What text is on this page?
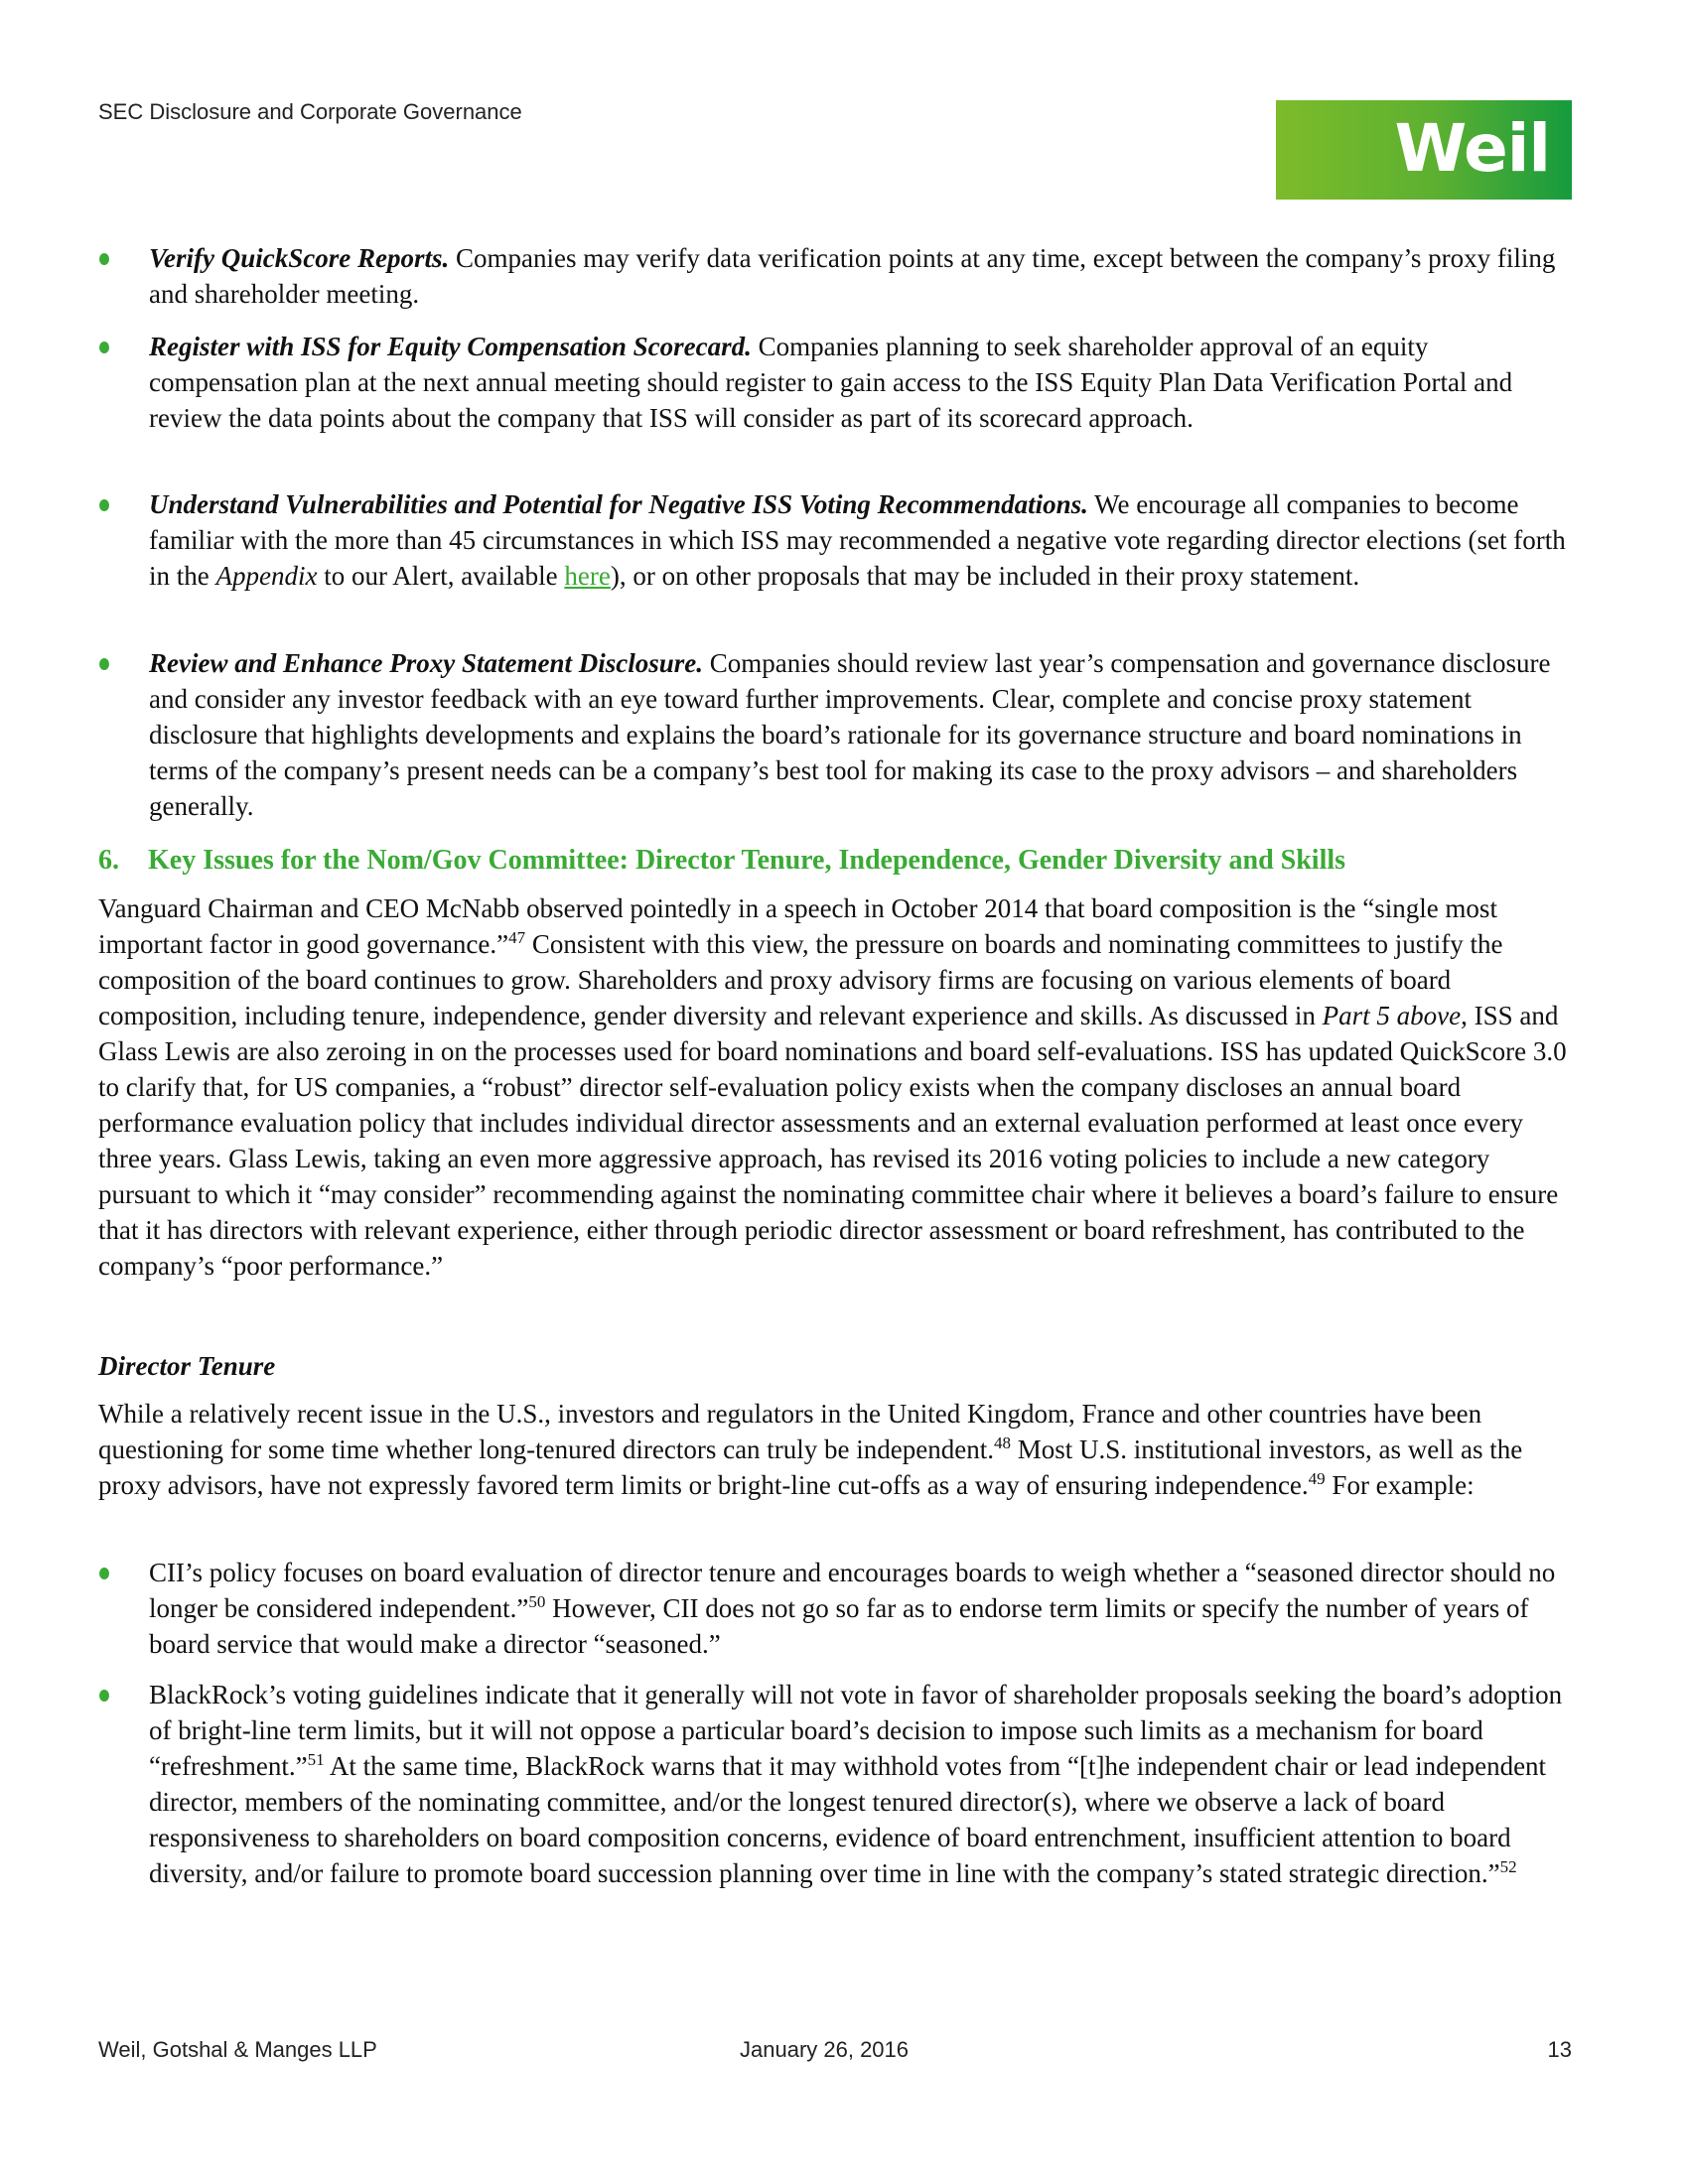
SEC Disclosure and Corporate Governance	Weil
Verify QuickScore Reports. Companies may verify data verification points at any time, except between the company’s proxy filing and shareholder meeting.
Register with ISS for Equity Compensation Scorecard. Companies planning to seek shareholder approval of an equity compensation plan at the next annual meeting should register to gain access to the ISS Equity Plan Data Verification Portal and review the data points about the company that ISS will consider as part of its scorecard approach.
Understand Vulnerabilities and Potential for Negative ISS Voting Recommendations. We encourage all companies to become familiar with the more than 45 circumstances in which ISS may recommended a negative vote regarding director elections (set forth in the Appendix to our Alert, available here), or on other proposals that may be included in their proxy statement.
Review and Enhance Proxy Statement Disclosure. Companies should review last year’s compensation and governance disclosure and consider any investor feedback with an eye toward further improvements. Clear, complete and concise proxy statement disclosure that highlights developments and explains the board’s rationale for its governance structure and board nominations in terms of the company’s present needs can be a company’s best tool for making its case to the proxy advisors – and shareholders generally.
6. Key Issues for the Nom/Gov Committee: Director Tenure, Independence, Gender Diversity and Skills
Vanguard Chairman and CEO McNabb observed pointedly in a speech in October 2014 that board composition is the “single most important factor in good governance.”$^{47}$ Consistent with this view, the pressure on boards and nominating committees to justify the composition of the board continues to grow. Shareholders and proxy advisory firms are focusing on various elements of board composition, including tenure, independence, gender diversity and relevant experience and skills. As discussed in Part 5 above, ISS and Glass Lewis are also zeroing in on the processes used for board nominations and board self-evaluations. ISS has updated QuickScore 3.0 to clarify that, for US companies, a “robust” director self-evaluation policy exists when the company discloses an annual board performance evaluation policy that includes individual director assessments and an external evaluation performed at least once every three years. Glass Lewis, taking an even more aggressive approach, has revised its 2016 voting policies to include a new category pursuant to which it “may consider” recommending against the nominating committee chair where it believes a board’s failure to ensure that it has directors with relevant experience, either through periodic director assessment or board refreshment, has contributed to the company’s “poor performance.”
Director Tenure
While a relatively recent issue in the U.S., investors and regulators in the United Kingdom, France and other countries have been questioning for some time whether long-tenured directors can truly be independent.$^{48}$ Most U.S. institutional investors, as well as the proxy advisors, have not expressly favored term limits or bright-line cut-offs as a way of ensuring independence.$^{49}$ For example:
CII’s policy focuses on board evaluation of director tenure and encourages boards to weigh whether a “seasoned director should no longer be considered independent.”$^{50}$ However, CII does not go so far as to endorse term limits or specify the number of years of board service that would make a director “seasoned.”
BlackRock’s voting guidelines indicate that it generally will not vote in favor of shareholder proposals seeking the board’s adoption of bright-line term limits, but it will not oppose a particular board’s decision to impose such limits as a mechanism for board “refreshment.”$^{51}$ At the same time, BlackRock warns that it may withhold votes from “[t]he independent chair or lead independent director, members of the nominating committee, and/or the longest tenured director(s), where we observe a lack of board responsiveness to shareholders on board composition concerns, evidence of board entrenchment, insufficient attention to board diversity, and/or failure to promote board succession planning over time in line with the company’s stated strategic direction.”$^{52}$
Weil, Gotshal & Manges LLP	January 26, 2016	13
